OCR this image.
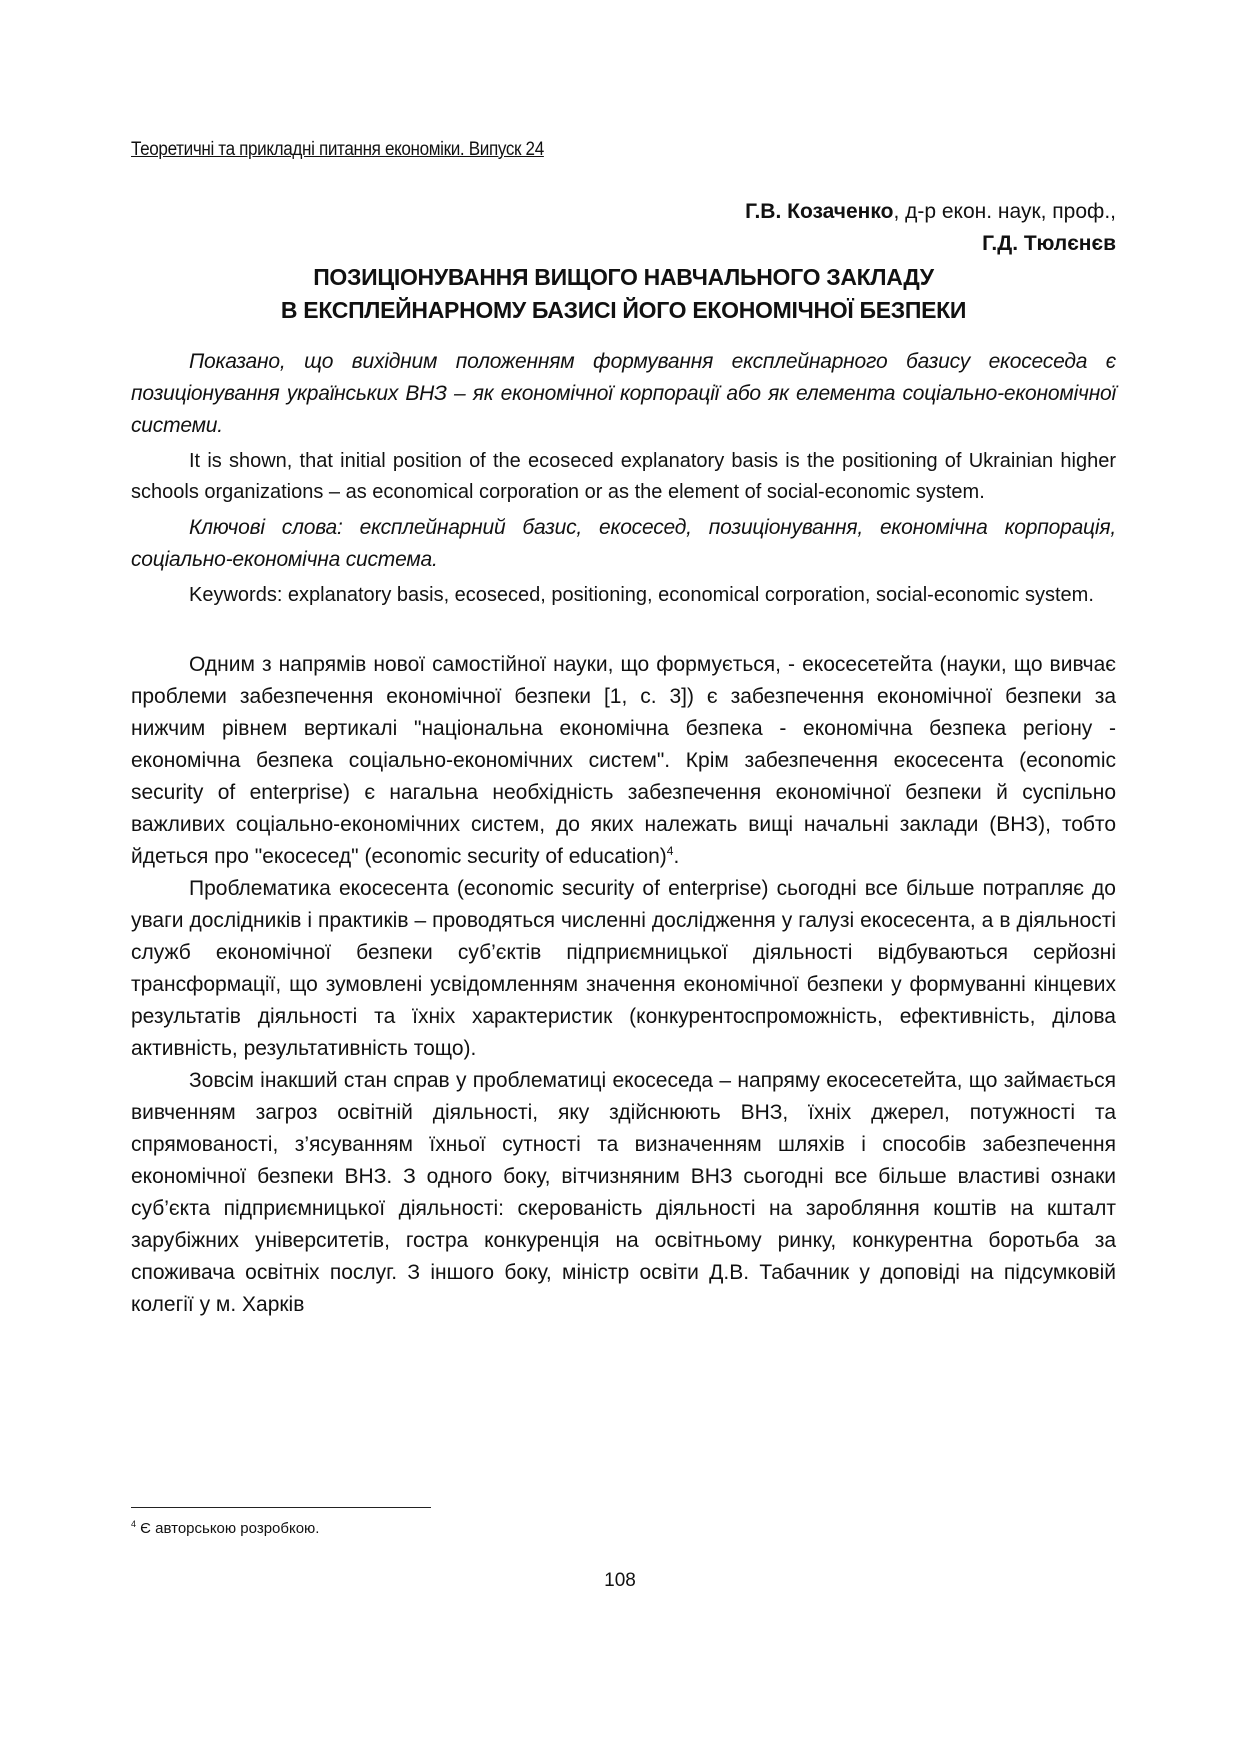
Теоретичні та прикладні питання економіки. Випуск 24
Г.В. Козаченко, д-р екон. наук, проф.,
Г.Д. Тюлєнєв
ПОЗИЦІОНУВАННЯ ВИЩОГО НАВЧАЛЬНОГО ЗАКЛАДУ
В ЕКСПЛЕЙНАРНОМУ БАЗИСІ ЙОГО ЕКОНОМІЧНОЇ БЕЗПЕКИ

Показано, що вихідним положенням формування експлейнарного базису екосеседа є позиціонування українських ВНЗ – як економічної корпорації або як елемента соціально-економічної системи.

It is shown, that initial position of the ecoseced explanatory basis is the positioning of Ukrainian higher schools organizations – as economical corporation or as the element of social-economic system.

Ключові слова: експлейнарний базис, екосесед, позиціонування, економічна корпорація, соціально-економічна система.

Keywords: explanatory basis, ecoseced, positioning, economical corporation, social-economic system.

Одним з напрямів нової самостійної науки, що формується, - екосесетейта (науки, що вивчає проблеми забезпечення економічної безпеки [1, с. 3]) є забезпечення економічної безпеки за нижчим рівнем вертикалі "національна економічна безпека - економічна безпека регіону - економічна безпека соціально-економічних систем". Крім забезпечення екосесента (economic security of enterprise) є нагальна необхідність забезпечення економічної безпеки й суспільно важливих соціально-економічних систем, до яких належать вищі начальні заклади (ВНЗ), тобто йдеться про "екосесед" (economic security of education)$^4$.

Проблематика екосесента (economic security of enterprise) сьогодні все більше потрапляє до уваги дослідників і практиків – проводяться численні дослідження у галузі екосесента, а в діяльності служб економічної безпеки суб’єктів підприємницької діяльності відбуваються серйозні трансформації, що зумовлені усвідомленням значення економічної безпеки у формуванні кінцевих результатів діяльності та їхніх характеристик (конкурентоспроможність, ефективність, ділова активність, результативність тощо).

Зовсім інакший стан справ у проблематиці екосеседа – напряму екосесетейта, що займається вивченням загроз освітній діяльності, яку здійснюють ВНЗ, їхніх джерел, потужності та спрямованості, з’ясуванням їхньої сутності та визначенням шляхів і способів забезпечення економічної безпеки ВНЗ. З одного боку, вітчизняним ВНЗ сьогодні все більше властиві ознаки суб’єкта підприємницької діяльності: скерованість діяльності на заробляння коштів на кшталт зарубіжних університетів, гостра конкуренція на освітньому ринку, конкурентна боротьба за споживача освітніх послуг. З іншого боку, міністр освіти Д.В. Табачник у доповіді на підсумковій колегії у м. Харків

$^4$ Є авторською розробкою.
108
